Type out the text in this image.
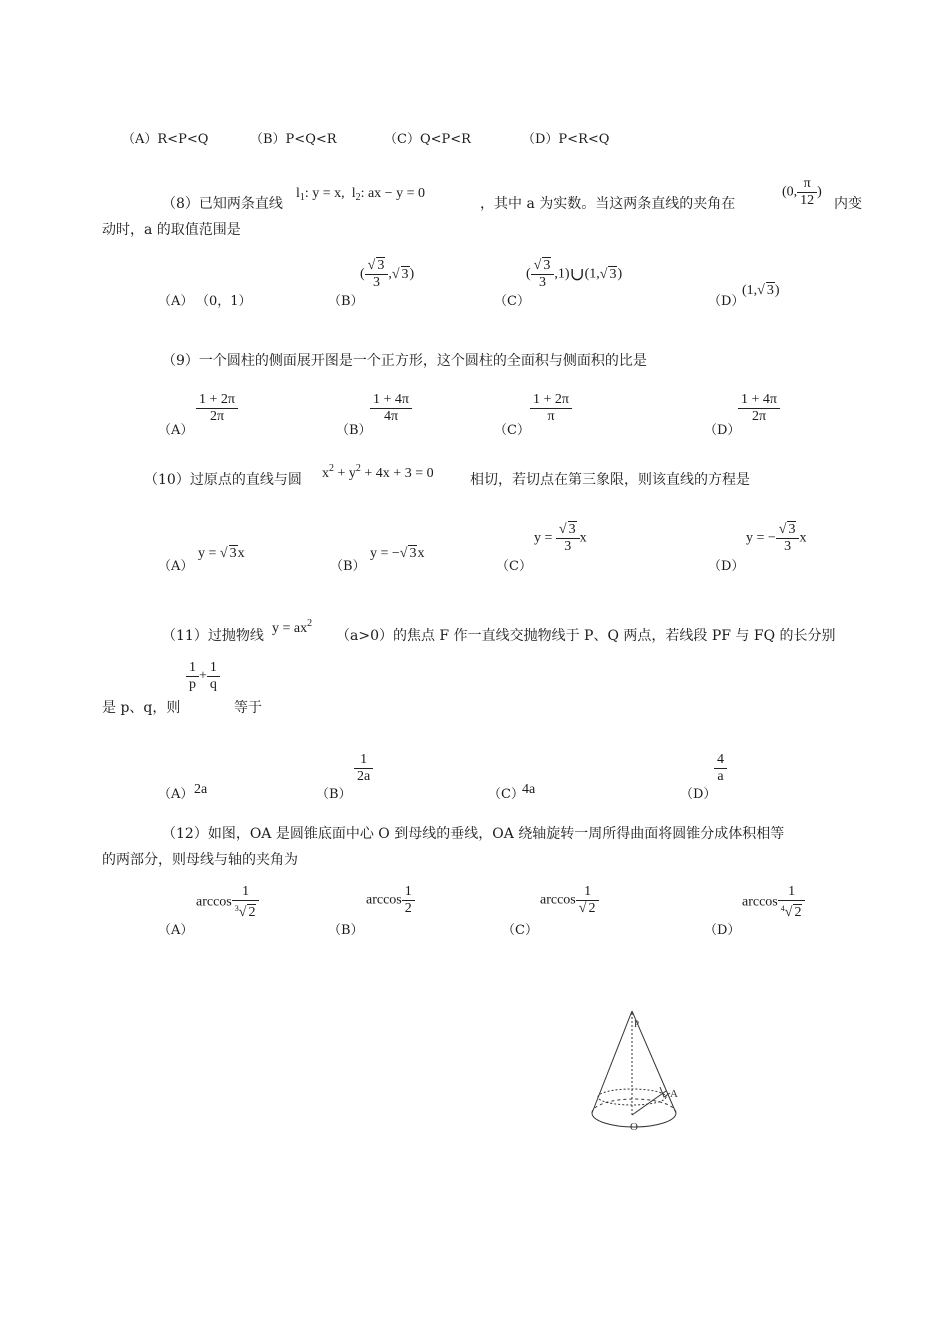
（A）R<P<Q	（B）P<Q<R	（C）Q<P<R	（D）P<R<Q
（8）已知两条直线
$l_1$: y = x, $l_2$: ax − y = 0
，其中 a 为实数。当这两条直线的夹角在
(0, $\frac{\pi}{12}$ )
内变
动时，a 的取值范围是
（A） （0，1）	（B）
( $\frac{√ 3}{3}$ ,√ 3)
（C）
( $\frac{√ 3}{3}$ ,1)∪(1,√ 3)
（D）
(1,√ 3)
（9）一个圆柱的侧面展开图是一个正方形，这个圆柱的全面积与侧面积的比是
（A）
$\frac{1 + 2\pi}{2\pi}$
（B）
$\frac{1 + 4\pi}{4\pi}$
（C）
$\frac{1 + 2\pi}{\pi}$
（D）
$\frac{1 + 4\pi}{2\pi}$
（10）过原点的直线与圆 $x^2 + y^2 + 4x + 3 = 0$	相切，若切点在第三象限，则该直线的方程是
（A）
y = √ 3x
（B）
y = −√ 3x
（C）
$y = \frac{√ 3}{3}$ x
（D）
y = − $\frac{√ 3}{3}$ x
（11）过抛物线 $y = ax^2$
（a>0）的焦点 F 作一直线交抛物线于 P、Q 两点，若线段 PF 与 FQ 的长分别
是 p、q，则
$\frac{1}{p} + \frac{1}{q}$
等于
（A） 2a	（B）
$\frac{1}{2a}$
（C）
4a	（D）
$\frac{4}{a}$
（12）如图，OA 是圆锥底面中心 O 到母线的垂线，OA 绕轴旋转一周所得曲面将圆锥分成体积相等
的两部分，则母线与轴的夹角为
（A）
$\arccos \frac{1}{^3√ 2}$
（B）
$\arccos \frac{1}{2}$
（C）
$\arccos \frac{1}{√ 2}$
（D）
$\arccos \frac{1}{^4√ 2}$
O
A
P
